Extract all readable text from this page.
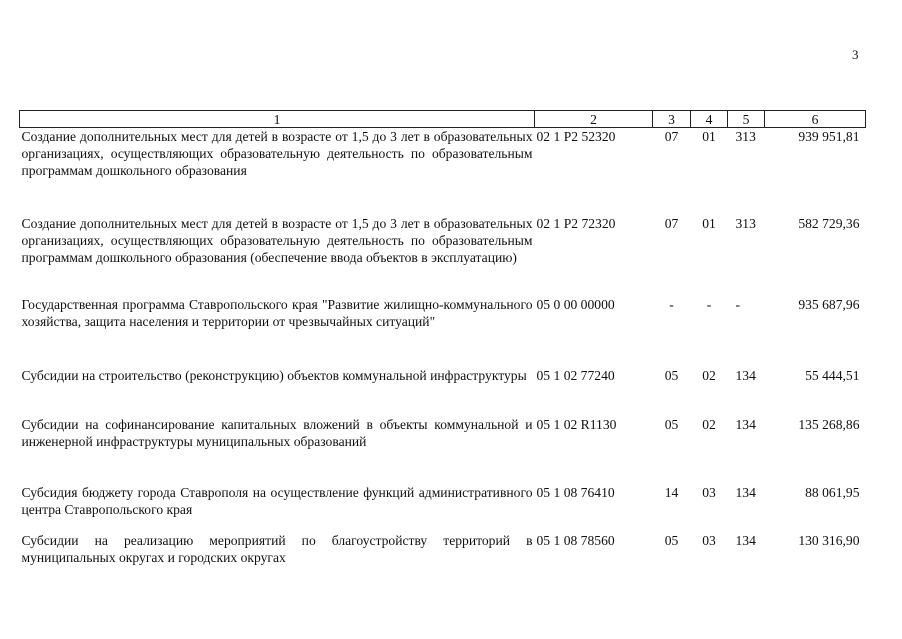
3
1	2	3	4	5	6
Создание дополнительных мест для детей в возрасте от 1,5 до 3 лет в образовательных организациях, осуществляющих образовательную деятельность по образовательным программам дошкольного образования	02 1 Р2 52320	07	01	313	939 951,81
Создание дополнительных мест для детей в возрасте от 1,5 до 3 лет в образовательных организациях, осуществляющих образовательную деятельность по образовательным программам дошкольного образования (обеспечение ввода объектов в эксплуатацию)	02 1 Р2 72320	07	01	313	582 729,36
Государственная программа Ставропольского края "Развитие жилищно-коммунального хозяйства, защита населения и территории от чрезвычайных ситуаций"	05 0 00 00000	-	-	-	935 687,96
Субсидии на строительство (реконструкцию) объектов коммунальной инфраструктуры	05 1 02 77240	05	02	134	55 444,51
Субсидии на софинансирование капитальных вложений в объекты коммунальной и инженерной инфраструктуры муниципальных образований	05 1 02 R1130	05	02	134	135 268,86
Субсидия бюджету города Ставрополя на осуществление функций административного центра Ставропольского края	05 1 08 76410	14	03	134	88 061,95
Субсидии на реализацию мероприятий по благоустройству территорий в муниципальных округах и городских округах	05 1 08 78560	05	03	134	130 316,90
